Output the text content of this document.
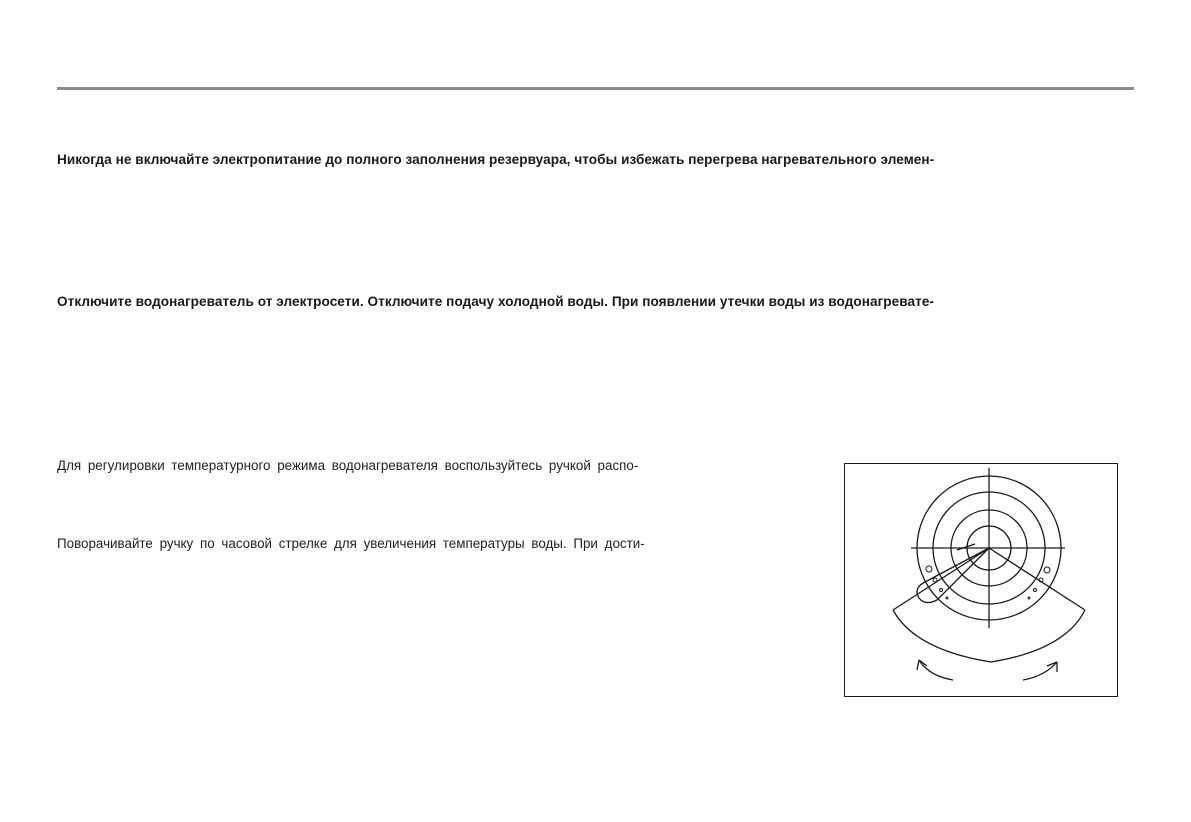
Никогда не включайте электропитание до полного заполнения резервуара, чтобы избежать перегрева нагревательного элемен-
Отключите водонагреватель от электросети. Отключите подачу холодной воды. При появлении утечки воды из водонагревате-
Для регулировки температурного режима водонагревателя воспользуйтесь ручкой распо-
Поворачивайте ручку по часовой стрелке для увеличения температуры воды. При дости-
